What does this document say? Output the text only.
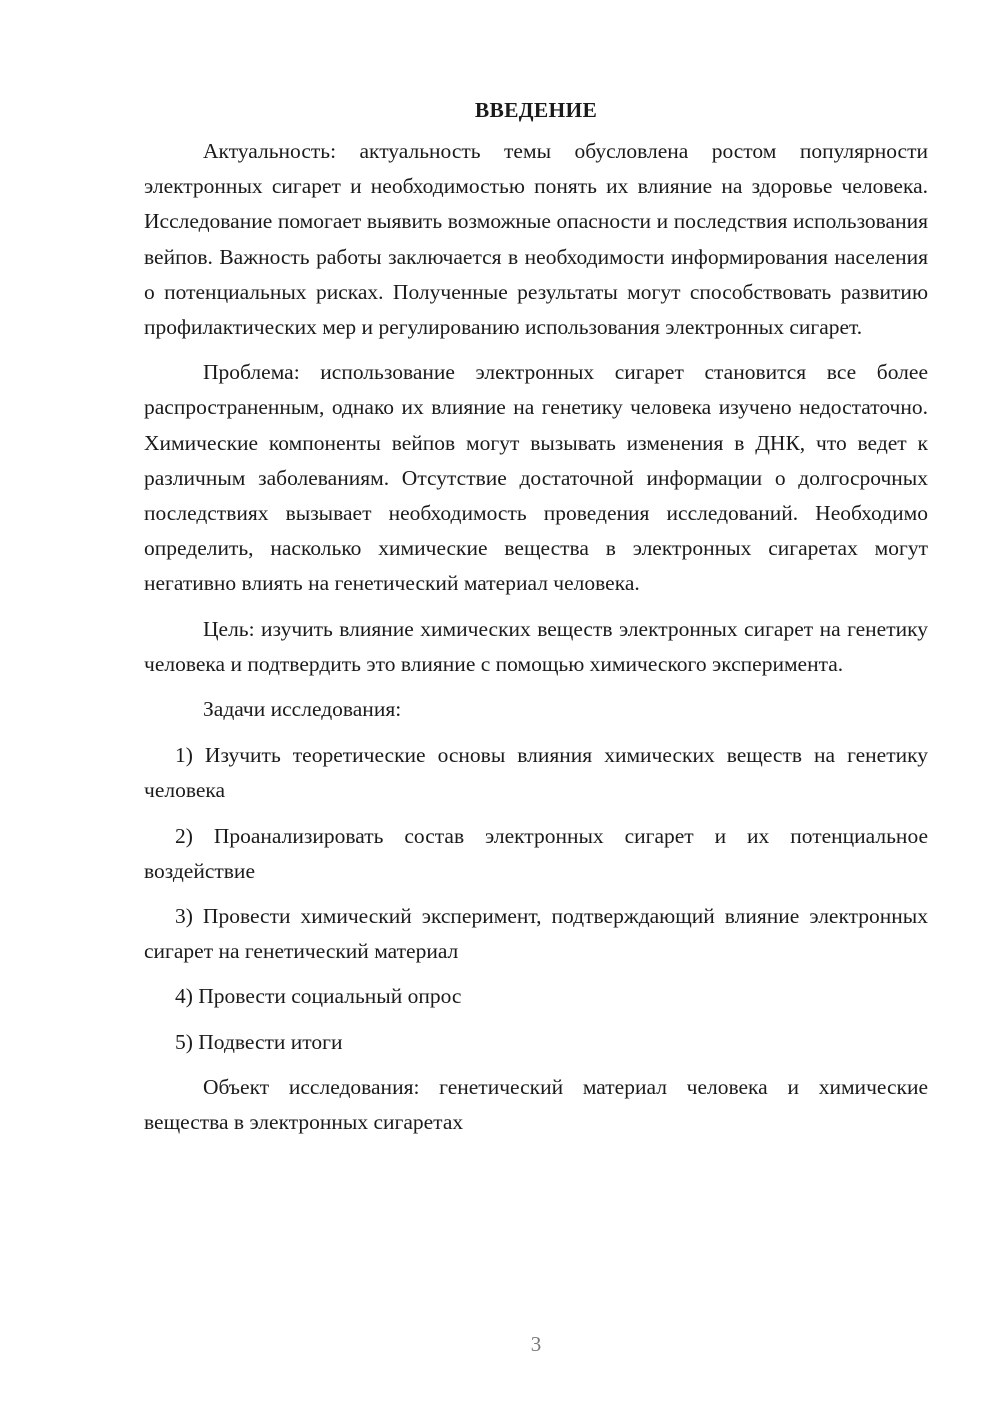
ВВЕДЕНИЕ

Актуальность: актуальность темы обусловлена ростом популярности электронных сигарет и необходимостью понять их влияние на здоровье человека. Исследование помогает выявить возможные опасности и последствия использования вейпов. Важность работы заключается в необходимости информирования населения о потенциальных рисках. Полученные результаты могут способствовать развитию профилактических мер и регулированию использования электронных сигарет.

Проблема: использование электронных сигарет становится все более распространенным, однако их влияние на генетику человека изучено недостаточно. Химические компоненты вейпов могут вызывать изменения в ДНК, что ведет к различным заболеваниям. Отсутствие достаточной информации о долгосрочных последствиях вызывает необходимость проведения исследований. Необходимо определить, насколько химические вещества в электронных сигаретах могут негативно влиять на генетический материал человека.

Цель: изучить влияние химических веществ электронных сигарет на генетику человека и подтвердить это влияние с помощью химического эксперимента.

Задачи исследования:

1) Изучить теоретические основы влияния химических веществ на генетику человека

2) Проанализировать состав электронных сигарет и их потенциальное воздействие

3) Провести химический эксперимент, подтверждающий влияние электронных сигарет на генетический материал

4) Провести социальный опрос

5) Подвести итоги

Объект исследования: генетический материал человека и химические вещества в электронных сигаретах

3
